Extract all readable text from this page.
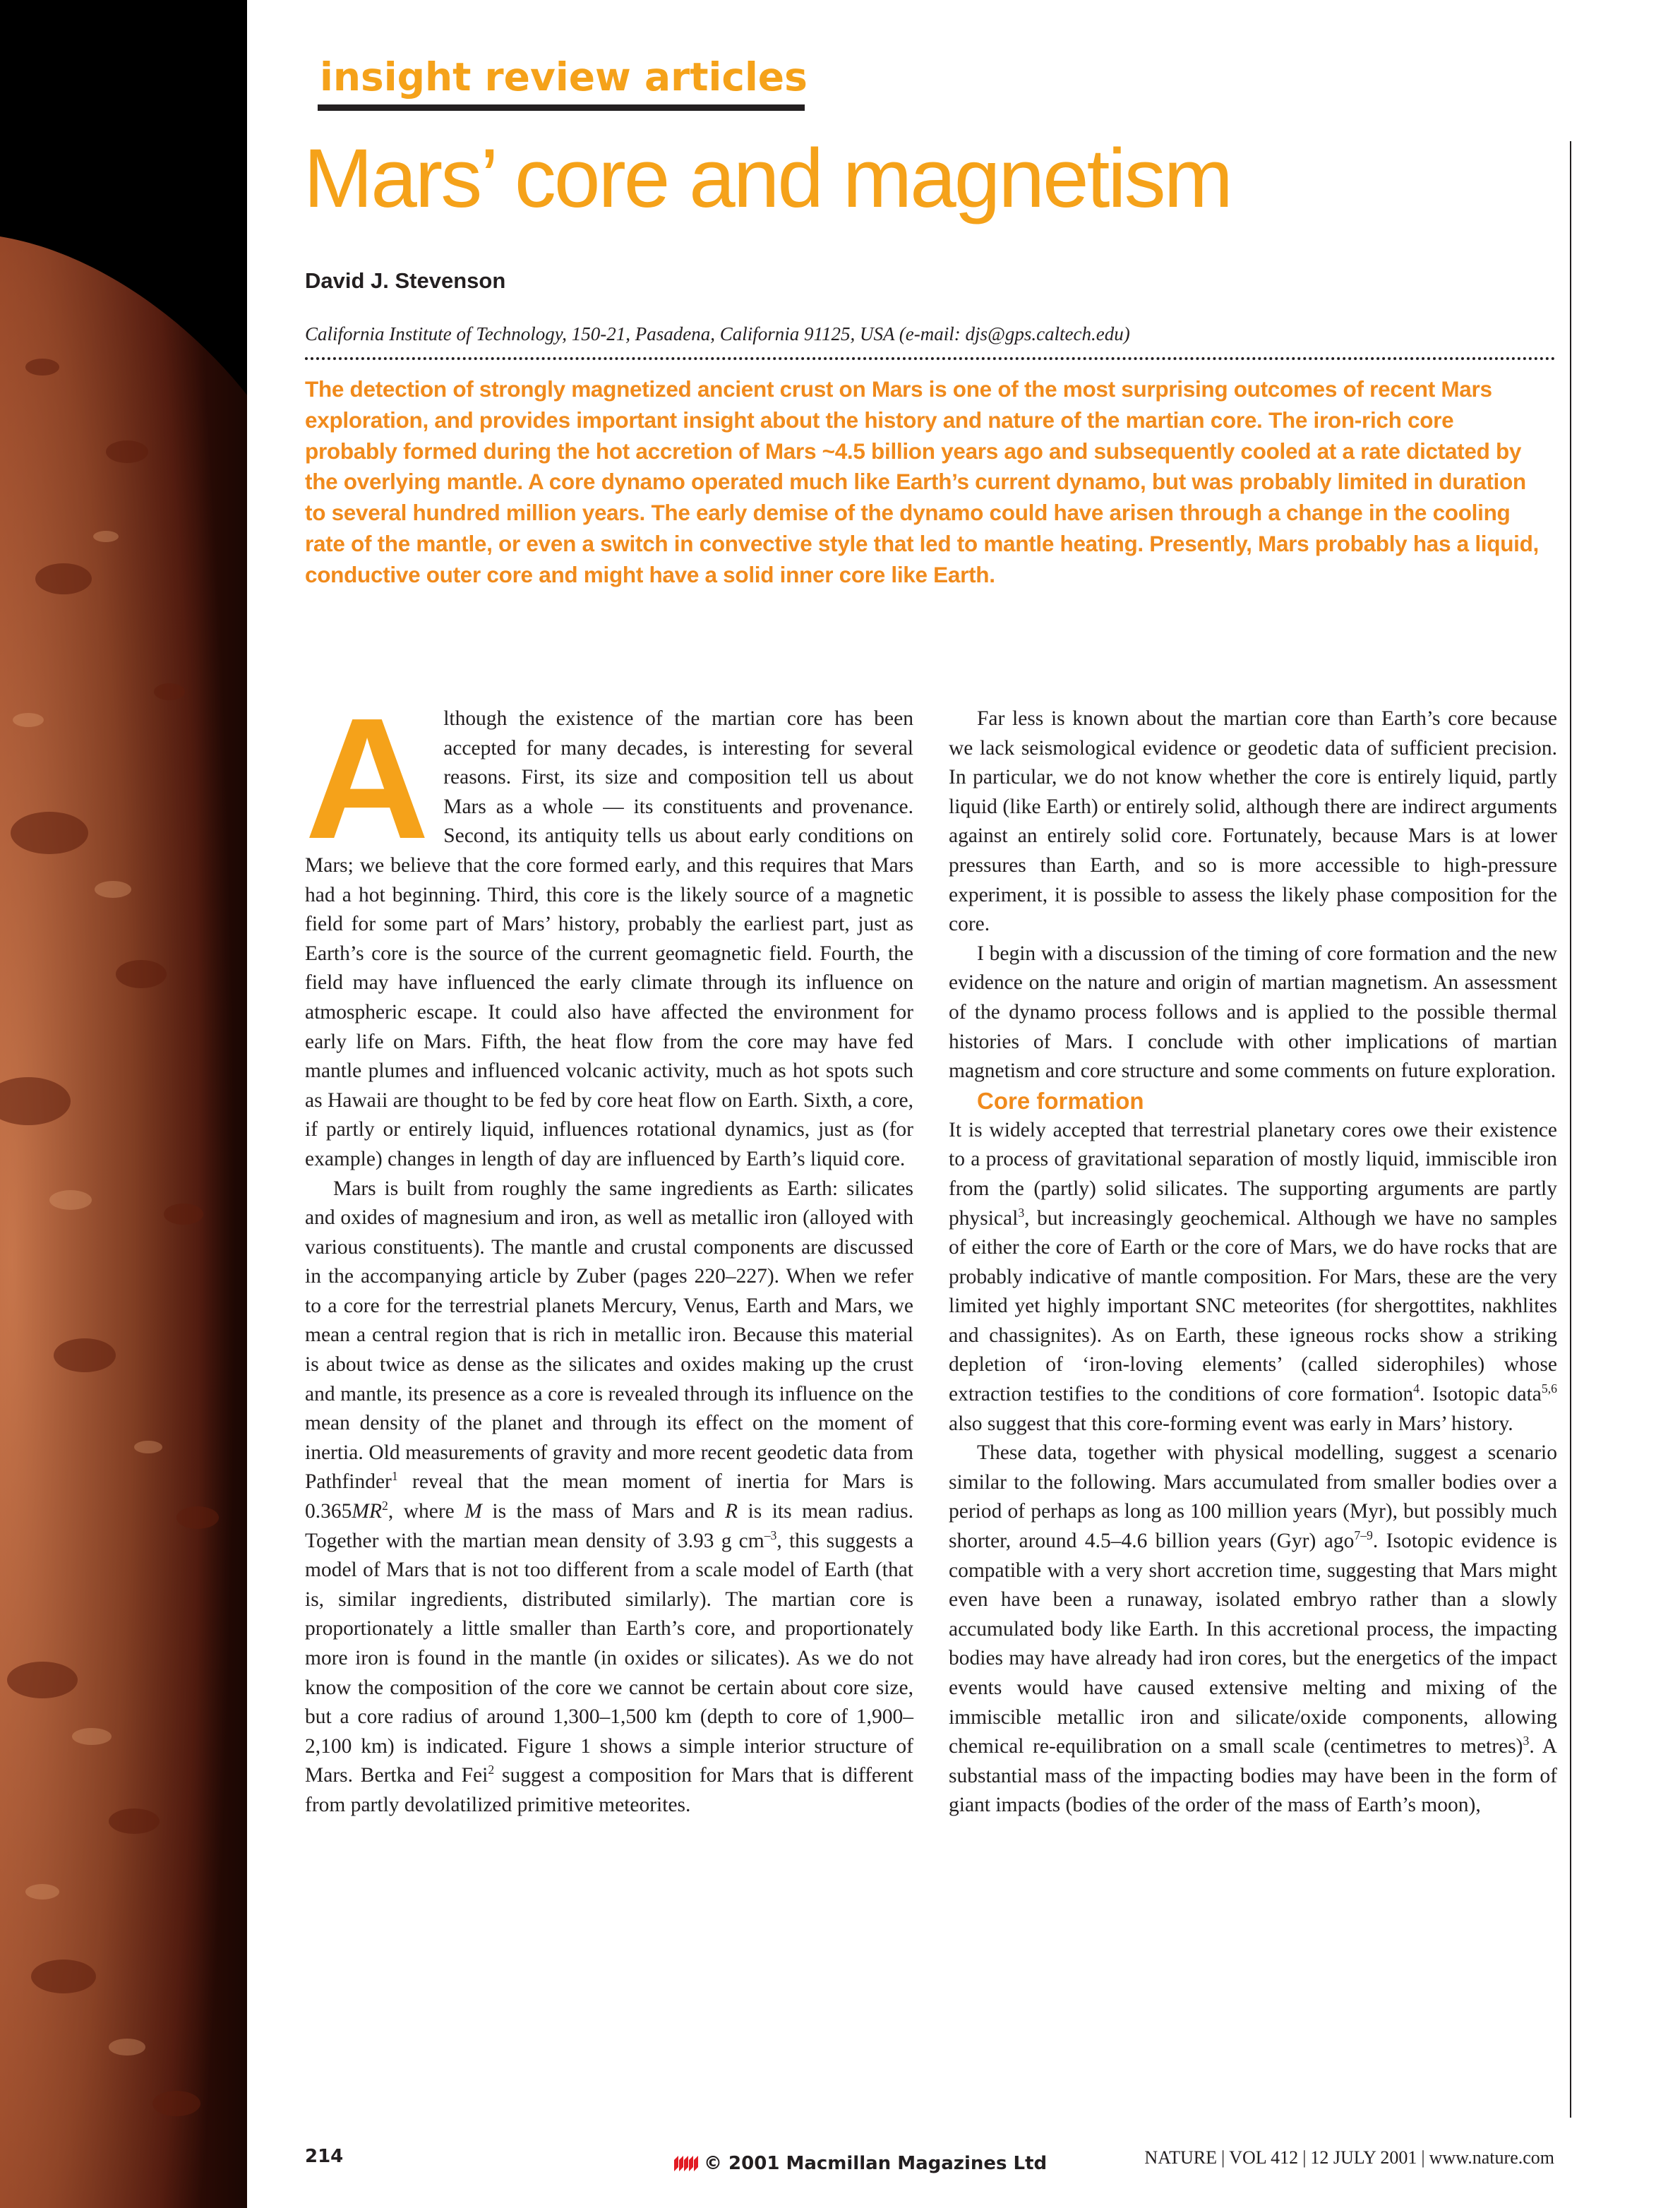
insight review articles
Mars’ core and magnetism
David J. Stevenson
California Institute of Technology, 150-21, Pasadena, California 91125, USA (e-mail: djs@gps.caltech.edu)
The detection of strongly magnetized ancient crust on Mars is one of the most surprising outcomes of recent Mars exploration, and provides important insight about the history and nature of the martian core. The iron-rich core probably formed during the hot accretion of Mars ~4.5 billion years ago and subsequently cooled at a rate dictated by the overlying mantle. A core dynamo operated much like Earth’s current dynamo, but was probably limited in duration to several hundred million years. The early demise of the dynamo could have arisen through a change in the cooling rate of the mantle, or even a switch in convective style that led to mantle heating. Presently, Mars probably has a liquid, conductive outer core and might have a solid inner core like Earth.

Although the existence of the martian core has been accepted for many decades, is interesting for several reasons. First, its size and composition tell us about Mars as a whole — its constituents and provenance. Second, its antiquity tells us about early conditions on Mars; we believe that the core formed early, and this requires that Mars had a hot beginning. Third, this core is the likely source of a magnetic field for some part of Mars’ history, probably the earliest part, just as Earth’s core is the source of the current geomagnetic field. Fourth, the field may have influenced the early climate through its influence on atmospheric escape. It could also have affected the environment for early life on Mars. Fifth, the heat flow from the core may have fed mantle plumes and influenced volcanic activity, much as hot spots such as Hawaii are thought to be fed by core heat flow on Earth. Sixth, a core, if partly or entirely liquid, influences rotational dynamics, just as (for example) changes in length of day are influenced by Earth’s liquid core.

Mars is built from roughly the same ingredients as Earth: silicates and oxides of magnesium and iron, as well as metallic iron (alloyed with various constituents). The mantle and crustal components are discussed in the accompanying article by Zuber (pages 220–227). When we refer to a core for the terrestrial planets Mercury, Venus, Earth and Mars, we mean a central region that is rich in metallic iron. Because this material is about twice as dense as the silicates and oxides making up the crust and mantle, its presence as a core is revealed through its influence on the mean density of the planet and through its effect on the moment of inertia. Old measurements of gravity and more recent geodetic data from Pathfinder$^1$ reveal that the mean moment of inertia for Mars is $0.365MR^2$, where M is the mass of Mars and R is its mean radius. Together with the martian mean density of 3.93 g $cm^{-3}$, this suggests a model of Mars that is not too different from a scale model of Earth (that is, similar ingredients, distributed similarly). The martian core is proportionately a little smaller than Earth’s core, and proportionately more iron is found in the mantle (in oxides or silicates). As we do not know the composition of the core we cannot be certain about core size, but a core radius of around 1,300–1,500 km (depth to core of 1,900–2,100 km) is indicated. Figure 1 shows a simple interior structure of Mars. Bertka and Fei$^2$ suggest a composition for Mars that is different from partly devolatilized primitive meteorites.

Far less is known about the martian core than Earth’s core because we lack seismological evidence or geodetic data of sufficient precision. In particular, we do not know whether the core is entirely liquid, partly liquid (like Earth) or entirely solid, although there are indirect arguments against an entirely solid core. Fortunately, because Mars is at lower pressures than Earth, and so is more accessible to high-pressure experiment, it is possible to assess the likely phase composition for the core.

I begin with a discussion of the timing of core formation and the new evidence on the nature and origin of martian magnetism. An assessment of the dynamo process follows and is applied to the possible thermal histories of Mars. I conclude with other implications of martian magnetism and core structure and some comments on future exploration.

Core formation

It is widely accepted that terrestrial planetary cores owe their existence to a process of gravitational separation of mostly liquid, immiscible iron from the (partly) solid silicates. The supporting arguments are partly physical$^3$, but increasingly geochemical. Although we have no samples of either the core of Earth or the core of Mars, we do have rocks that are probably indicative of mantle composition. For Mars, these are the very limited yet highly important SNC meteorites (for shergottites, nakhlites and chassignites). As on Earth, these igneous rocks show a striking depletion of ‘iron-loving elements’ (called siderophiles) whose extraction testifies to the conditions of core formation$^4$. Isotopic data$^{5,6}$ also suggest that this core-forming event was early in Mars’ history.

These data, together with physical modelling, suggest a scenario similar to the following. Mars accumulated from smaller bodies over a period of perhaps as long as 100 million years (Myr), but possibly much shorter, around 4.5–4.6 billion years (Gyr) ago$^{7-9}$. Isotopic evidence is compatible with a very short accretion time, suggesting that Mars might even have been a runaway, isolated embryo rather than a slowly accumulated body like Earth. In this accretional process, the impacting bodies may have already had iron cores, but the energetics of the impact events would have caused extensive melting and mixing of the immiscible metallic iron and silicate/oxide components, allowing chemical re-equilibration on a small scale (centimetres to metres)$^3$. A substantial mass of the impacting bodies may have been in the form of giant impacts (bodies of the order of the mass of Earth’s moon),

214	© 2001 Macmillan Magazines Ltd	NATURE | VOL 412 | 12 JULY 2001 | www.nature.com
